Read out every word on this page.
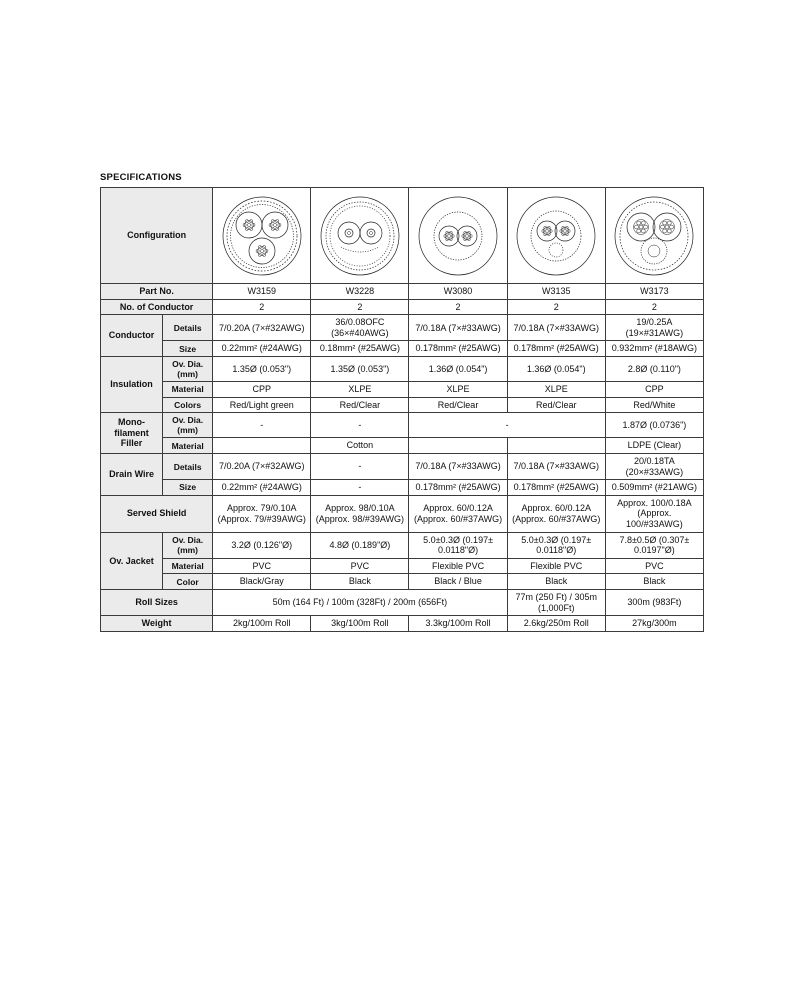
SPECIFICATIONS
Configuration	

Part No.		W3159	W3228	W3080	W3135	W3173
No. of Conductor		2	2	2	2	2
Conductor	Details	7/0.20A (7×#32AWG)	36/0.08OFC (36×#40AWG)	7/0.18A (7×#33AWG)	7/0.18A (7×#33AWG)	19/0.25A (19×#31AWG)
	Size	0.22mm² (#24AWG)	0.18mm² (#25AWG)	0.178mm² (#25AWG)	0.178mm² (#25AWG)	0.932mm² (#18AWG)
Insulation	Ov. Dia. (mm)	1.35Ø (0.053")	1.35Ø (0.053")	1.36Ø (0.054")	1.36Ø (0.054")	2.8Ø (0.110")
	Material	CPP	XLPE	XLPE	XLPE	CPP
	Colors	Red/Light green	Red/Clear	Red/Clear	Red/Clear	Red/White
Mono-filament Filler	Ov. Dia. (mm)	-	-	-		1.87Ø (0.0736")
	Material		Cotton			LDPE (Clear)
Drain Wire	Details	7/0.20A (7×#32AWG)	-	7/0.18A (7×#33AWG)	7/0.18A (7×#33AWG)	20/0.18TA (20×#33AWG)
	Size	0.22mm² (#24AWG)	-	0.178mm² (#25AWG)	0.178mm² (#25AWG)	0.509mm² (#21AWG)
Served Shield		Approx. 79/0.10A (Approx. 79/#39AWG)	Approx. 98/0.10A (Approx. 98/#39AWG)	Approx. 60/0.12A (Approx. 60/#37AWG)	Approx. 60/0.12A (Approx. 60/#37AWG)	Approx. 100/0.18A (Approx. 100/#33AWG)
Ov. Jacket	Ov. Dia. (mm)	3.2Ø (0.126"Ø)	4.8Ø (0.189"Ø)	5.0±0.3Ø (0.197± 0.0118"Ø)	5.0±0.3Ø (0.197± 0.0118"Ø)	7.8±0.5Ø (0.307± 0.0197"Ø)
	Material	PVC	PVC	Flexible PVC	Flexible PVC	PVC
	Color	Black/Gray	Black	Black / Blue	Black	Black
Roll Sizes		50m (164 Ft) / 100m (328Ft) / 200m (656Ft)			77m (250 Ft) / 305m (1,000Ft)	300m (983Ft)
Weight		2kg/100m Roll	3kg/100m Roll	3.3kg/100m Roll	2.6kg/250m Roll	27kg/300m
